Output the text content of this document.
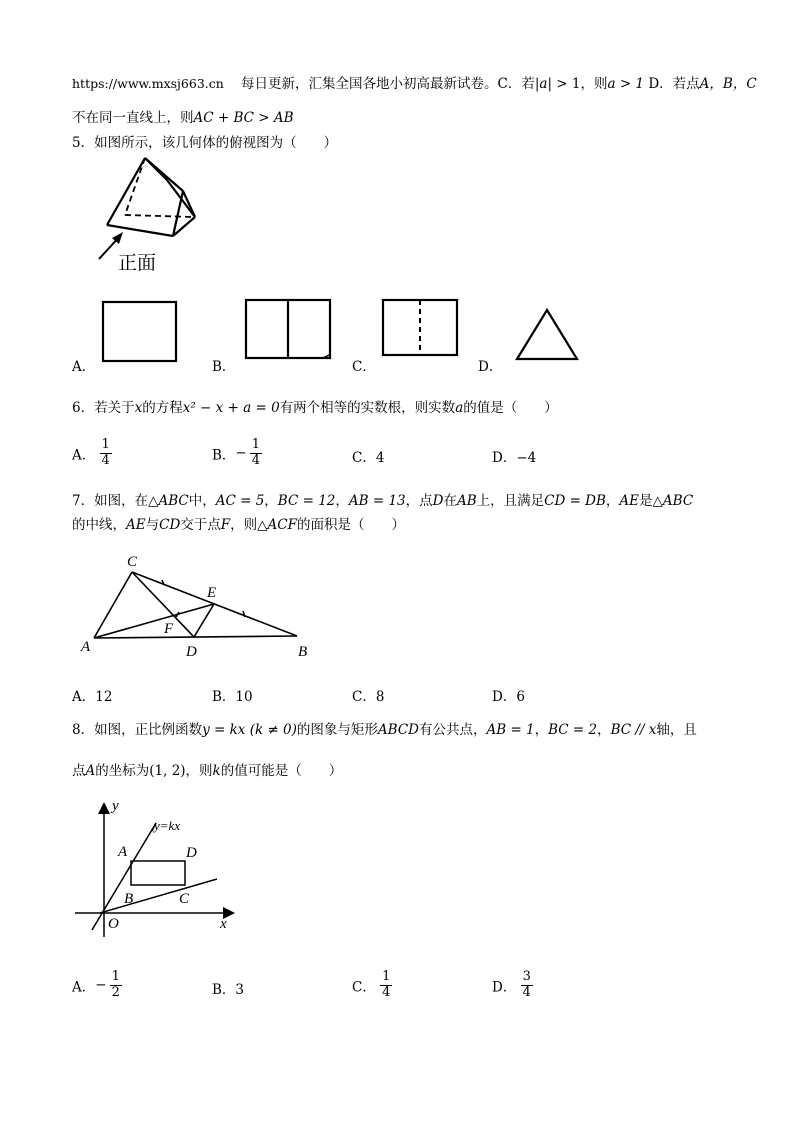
https://www.mxsj663.cn 每日更新，汇集全国各地小初高最新试卷。C．若|a| > 1，则a > 1 D．若点A，B，C
不在同一直线上，则AC + BC > AB
5．如图所示，该几何体的俯视图为（　　）
正面
A．	B．	C．	D．
6．若关于x的方程x² − x + a = 0有两个相等的实数根，则实数a的值是（　　）
A． $\frac{1}{4}$	B．− $\frac{1}{4}$	C．4	D．−4
7．如图，在△ABC中，AC = 5，BC = 12，AB = 13，点D在AB上，且满足CD = DB，AE是△ABC
的中线，AE与CD交于点F，则△ACF的面积是（　　）
C
E
F
A	D	B
A．12	B．10	C．8	D．6
8．如图，正比例函数y = kx (k ≠ 0)的图象与矩形ABCD有公共点，AB = 1，BC = 2，BC // x轴，且
点A的坐标为(1, 2)，则k的值可能是（　　）
y
y=kx
A	D
B	C
O	x
A．− $\frac{1}{2}$	B．3	C． $\frac{1}{4}$	D． $\frac{3}{4}$
